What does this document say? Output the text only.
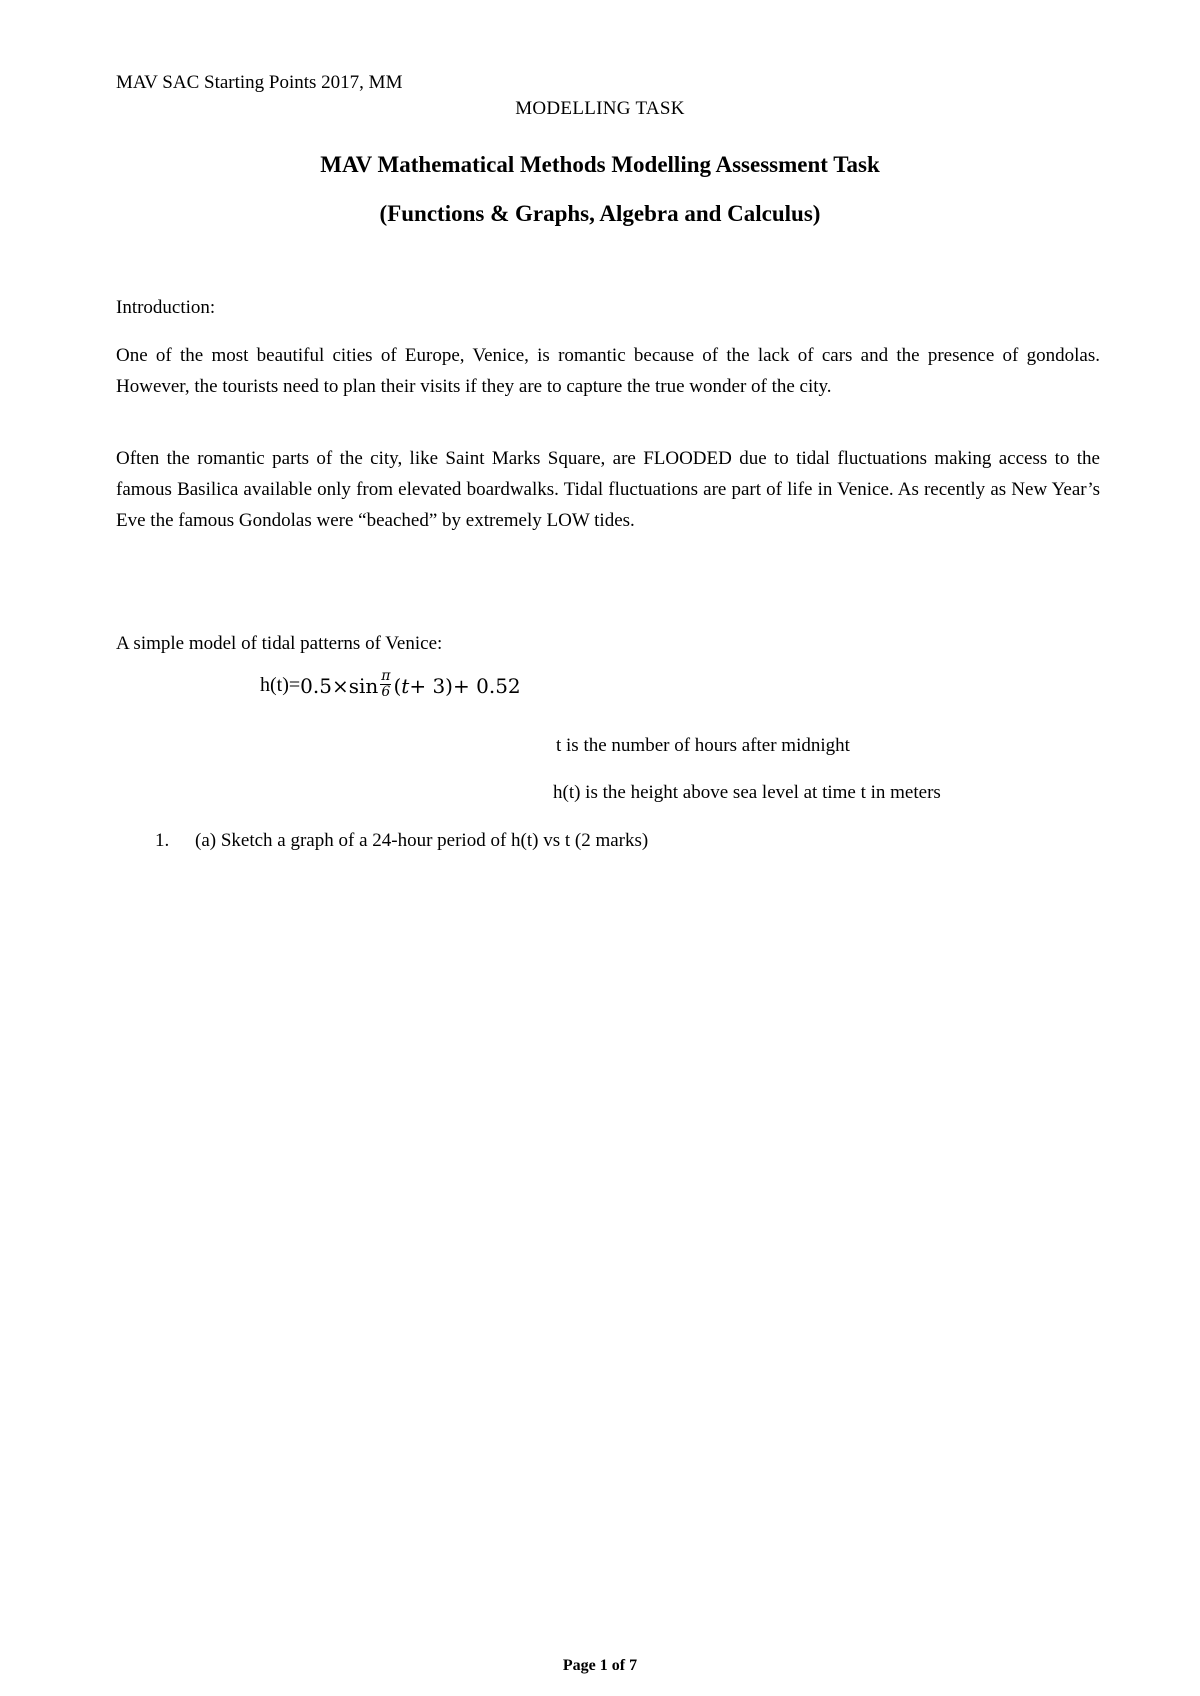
MAV SAC Starting Points 2017, MM
MODELLING TASK
MAV Mathematical Methods Modelling Assessment Task
(Functions & Graphs, Algebra and Calculus)
Introduction:

One of the most beautiful cities of Europe, Venice, is romantic because of the lack of cars and the presence of gondolas. However, the tourists need to plan their visits if they are to capture the true wonder of the city.

Often the romantic parts of the city, like Saint Marks Square, are FLOODED due to tidal fluctuations making access to the famous Basilica available only from elevated boardwalks. Tidal fluctuations are part of life in Venice. As recently as New Year’s Eve the famous Gondolas were “beached” by extremely LOW tides.

A simple model of tidal patterns of Venice:
$h(t)= 0.5\times \sin \frac{\pi}{6}$ ( t + 3) + 0.52
t is the number of hours after midnight
h(t) is the height above sea level at time t in meters
1. (a) Sketch a graph of a 24-hour period of h(t) vs t (2 marks)
Page 1 of 7
